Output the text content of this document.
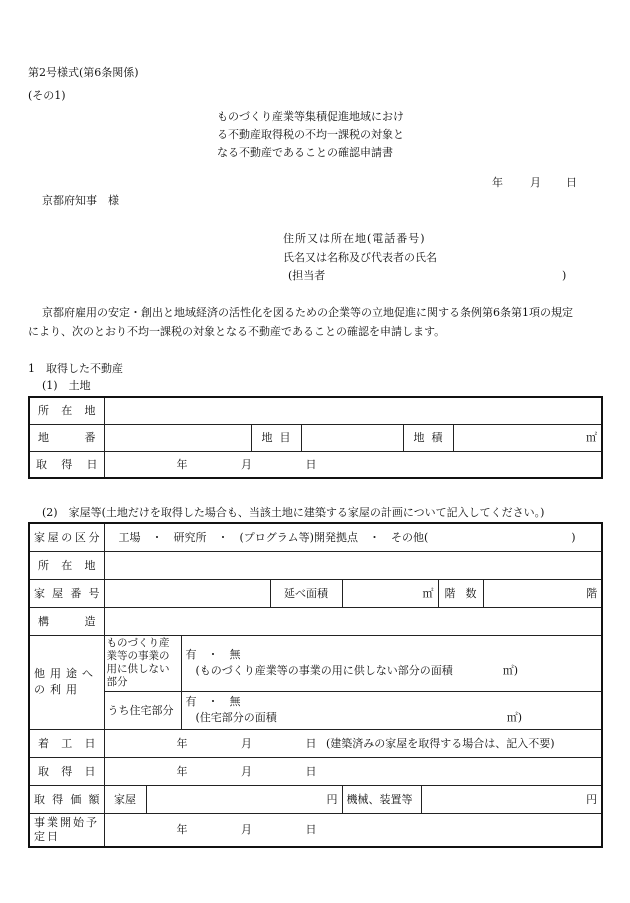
第2号様式(第6条関係)
(その1)
ものづくり産業等集積促進地域におけ
る不動産取得税の不均一課税の対象と
なる不動産であることの確認申請書
年 月 日
京都府知事　様
住所又は所在地(電話番号)
氏名又は名称及び代表者の氏名
(担当者	)
京都府雇用の安定・創出と地域経済の活性化を図るための企業等の立地促進に関する条例第6条第1項の規定
により、次のとおり不均一課税の対象となる不動産であることの確認を申請します。
1　取得した不動産
(1)　土地
所在地					

地番		地目		地積	㎡

取得日	年 月 日				
(2)　家屋等(土地だけを取得した場合も、当該土地に建築する家屋の計画について記入してください。)
家屋の区分	工場　・　研究所　・　(プログラム等)開発拠点　・　その他(　　　　　　　　　　　　　)							

所在地								

家屋番号				延べ面積	㎡		階数	階

構造								

他用途への利用	ものづくり産業等の事業の用に供しない部分		有　・　無
(ものづくり産業等の事業の用に供しない部分の面積 ㎡)					

	うち住宅部分		有　・　無
(住宅部分の面積 ㎡)					

着工日	年 月 日 (建築済みの家屋を取得する場合は、記入不要)							

取得日	年 月 日							

取得価額	家屋	円			機械、装置等	円		
事業開始予定日	年 月 日							
